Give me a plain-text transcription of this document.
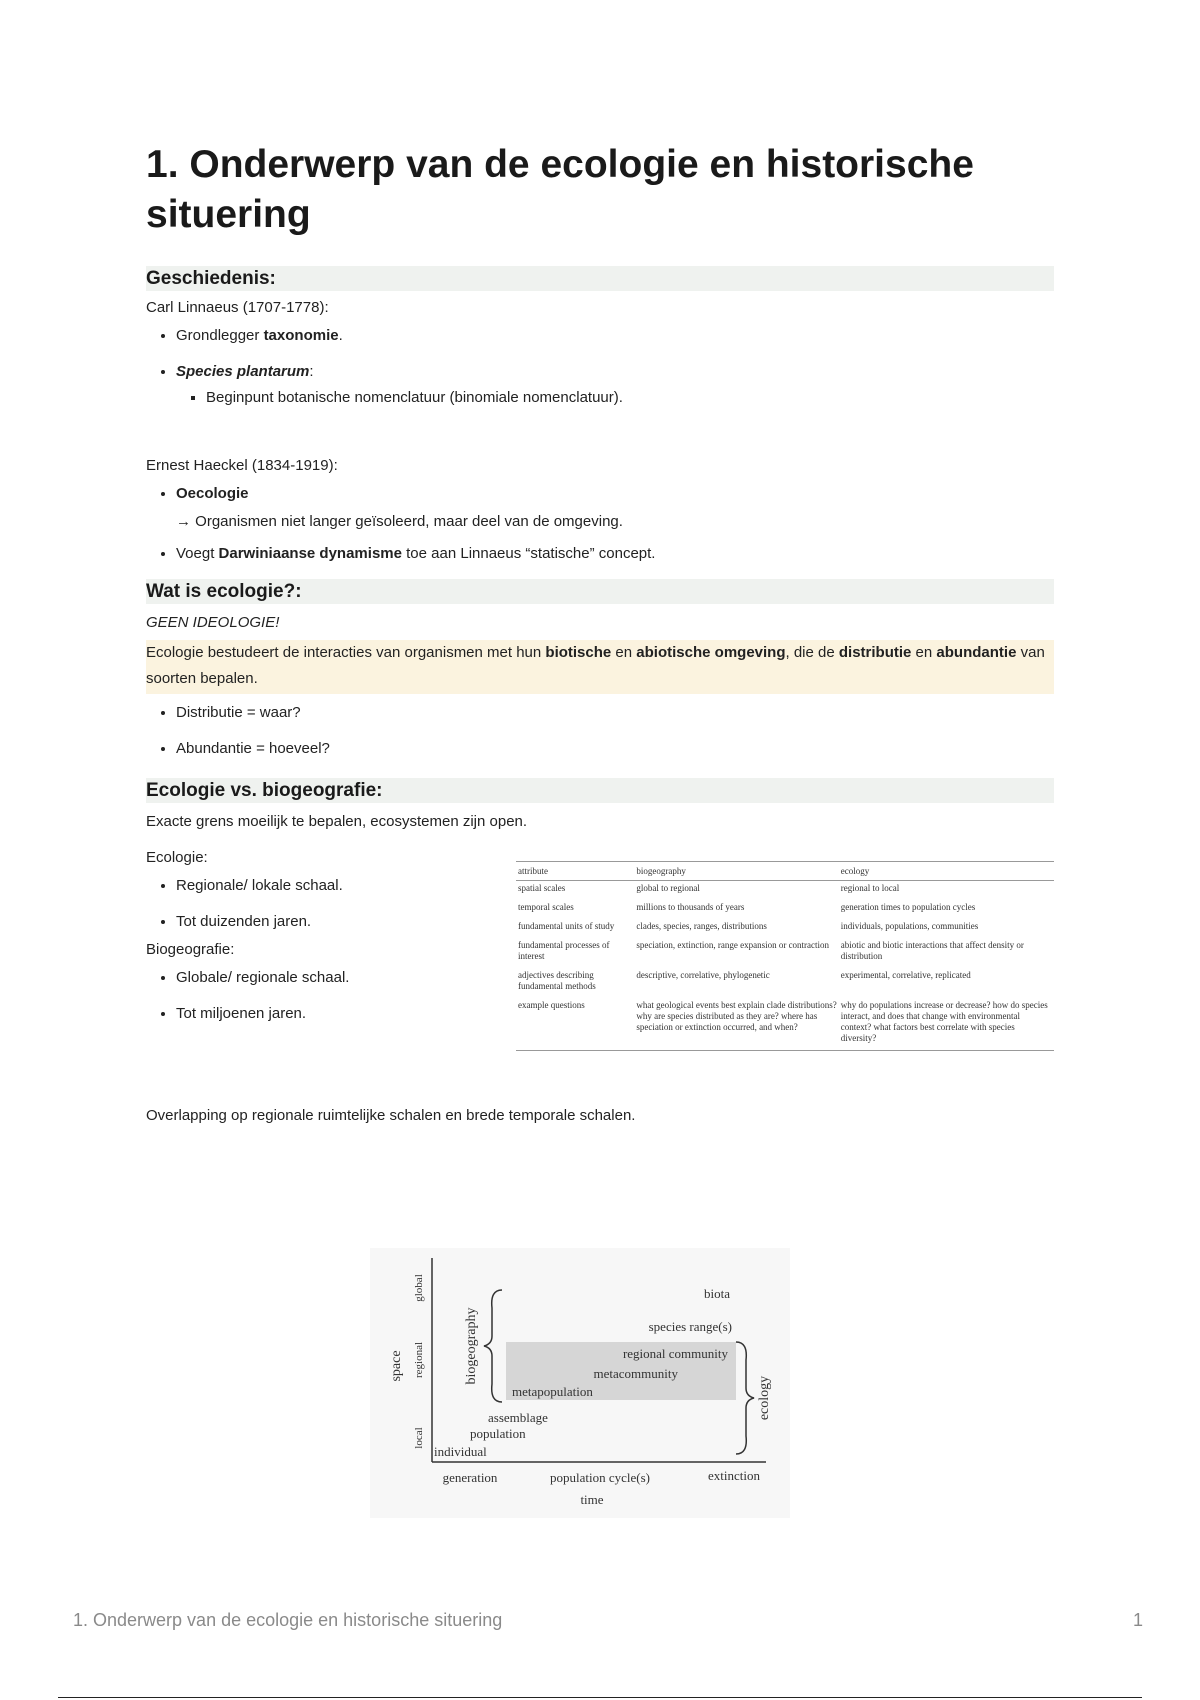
1. Onderwerp van de ecologie en historische situering
Geschiedenis:

Carl Linnaeus (1707-1778):

• Grondlegger taxonomie.
• Species plantarum:
▪ Beginpunt botanische nomenclatuur (binomiale nomenclatuur).

Ernest Haeckel (1834-1919):

• Oecologie
→ Organismen niet langer geïsoleerd, maar deel van de omgeving.
• Voegt Darwiniaanse dynamisme toe aan Linnaeus “statische” concept.
Wat is ecologie?:

GEEN IDEOLOGIE!

Ecologie bestudeert de interacties van organismen met hun biotische en abiotische omgeving, die de distributie en abundantie van soorten bepalen.
• Distributie = waar?
• Abundantie = hoeveel?
Ecologie vs. biogeografie:

Exacte grens moeilijk te bepalen, ecosystemen zijn open.

Ecologie:

• Regionale/ lokale schaal.
• Tot duizenden jaren.

Biogeografie:

• Globale/ regionale schaal.
• Tot miljoenen jaren.
attribute	biogeography	ecology
spatial scales	global to regional	regional to local
temporal scales	millions to thousands of years	generation times to population cycles
fundamental units of study	clades, species, ranges, distributions	individuals, populations, communities
fundamental processes of interest	speciation, extinction, range expansion or contraction	abiotic and biotic interactions that affect density or distribution
adjectives describing fundamental methods	descriptive, correlative, phylogenetic	experimental, correlative, replicated
example questions	what geological events best explain clade distributions? why are species distributed as they are? where has speciation or extinction occurred, and when?	why do populations increase or decrease? how do species interact, and does that change with environmental context? what factors best correlate with species diversity?

Overlapping op regionale ruimtelijke schalen en brede temporale schalen.

space
global
regional
local
generation	population cycle(s)	extinction
time
biogeography
ecology
biota
species range(s)
regional community
metacommunity
metapopulation
assemblage
population
individual
1. Onderwerp van de ecologie en historische situering	1
